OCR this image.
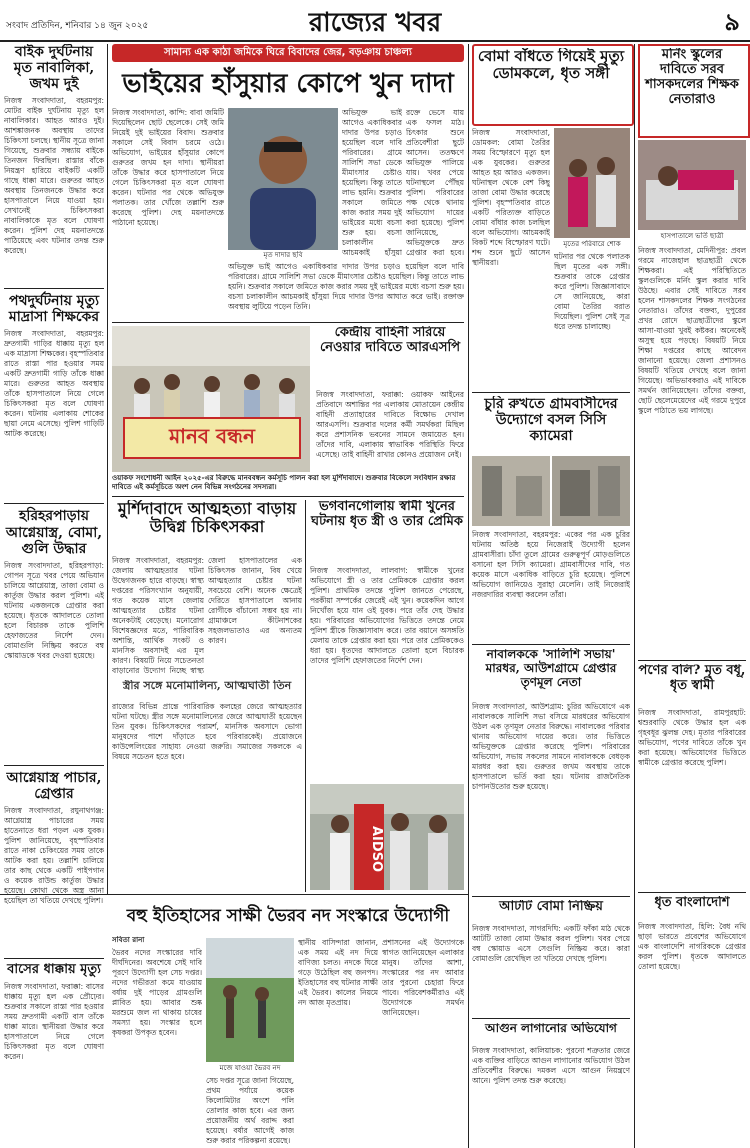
সংবাদ প্রতিদিন, শনিবার ১৪ জুন ২০২৫	রাজ্যের খবর	৯
বাইক দুর্ঘটনায় মৃত নাবালিকা, জখম দুই
নিজস্ব সংবাদদাতা, বহরমপুর: মোটর বাইক দুর্ঘটনায় মৃত্যু হল নাবালিকার। আহত আরও দুই। আশঙ্কাজনক অবস্থায় তাদের চিকিৎসা চলছে। স্থানীয় সূত্রে জানা গিয়েছে, শুক্রবার সন্ধ্যায় বাইকে তিনজন ফিরছিল। রাস্তার বাঁকে নিয়ন্ত্রণ হারিয়ে বাইকটি একটি গাছে ধাক্কা মারে। গুরুতর আহত অবস্থায় তিনজনকে উদ্ধার করে হাসপাতালে নিয়ে যাওয়া হয়। সেখানেই চিকিৎসকরা নাবালিকাকে মৃত বলে ঘোষণা করেন। পুলিশ দেহ ময়নাতদন্তে পাঠিয়েছে এবং ঘটনার তদন্ত শুরু করেছে।
পথদুর্ঘটনায় মৃত্যু মাদ্রাসা শিক্ষকের
নিজস্ব সংবাদদাতা, বহরমপুর: দ্রুতগামী গাড়ির ধাক্কায় মৃত্যু হল এক মাদ্রাসা শিক্ষকের। বৃহস্পতিবার রাতে রাস্তা পার হওয়ার সময় একটি দ্রুতগামী গাড়ি তাঁকে ধাক্কা মারে। গুরুতর আহত অবস্থায় তাঁকে হাসপাতালে নিয়ে গেলে চিকিৎসকরা মৃত বলে ঘোষণা করেন। ঘটনায় এলাকায় শোকের ছায়া নেমে এসেছে। পুলিশ গাড়িটি আটক করেছে।
হরিহরপাড়ায় আগ্নেয়াস্ত্র, বোমা, গুলি উদ্ধার
নিজস্ব সংবাদদাতা, হরিহরপাড়া: গোপন সূত্রে খবর পেয়ে অভিযান চালিয়ে আগ্নেয়াস্ত্র, তাজা বোমা ও কার্তুজ উদ্ধার করল পুলিশ। এই ঘটনায় একজনকে গ্রেপ্তার করা হয়েছে। ধৃতকে আদালতে তোলা হলে বিচারক তাকে পুলিশি হেফাজতের নির্দেশ দেন। বোমাগুলি নিষ্ক্রিয় করতে বম্ব স্কোয়াডকে খবর দেওয়া হয়েছে।
আগ্নেয়াস্ত্র পাচার, গ্রেপ্তার
নিজস্ব সংবাদদাতা, রঘুনাথগঞ্জ: আগ্নেয়াস্ত্র পাচারের সময় হাতেনাতে ধরা পড়ল এক যুবক। পুলিশ জানিয়েছে, বৃহস্পতিবার রাতে নাকা চেকিংয়ের সময় তাকে আটক করা হয়। তল্লাশি চালিয়ে তার কাছ থেকে একটি পাইপগান ও কয়েক রাউন্ড কার্তুজ উদ্ধার হয়েছে। কোথা থেকে অস্ত্র আনা হয়েছিল তা খতিয়ে দেখছে পুলিশ।
বাসের ধাক্কায় মৃত্যু
নিজস্ব সংবাদদাতা, ফরাক্কা: বাসের ধাক্কায় মৃত্যু হল এক প্রৌঢ়ের। শুক্রবার সকালে রাস্তা পার হওয়ার সময় দ্রুতগামী একটি বাস তাঁকে ধাক্কা মারে। স্থানীয়রা উদ্ধার করে হাসপাতালে নিয়ে গেলে চিকিৎসকরা মৃত বলে ঘোষণা করেন।
সামান্য এক কাঠা জমিকে ঘিরে বিবাদের জের, বড়ঞায় চাঞ্চল্য
ভাইয়ের হাঁসুয়ার কোপে খুন দাদা
নিজস্ব সংবাদদাতা, কান্দি: বাবা জমিটি দিয়েছিলেন ছোট ছেলেকে। সেই জমি নিয়েই দুই ভাইয়ের বিবাদ। শুক্রবার সকালে সেই বিবাদ চরমে ওঠে। অভিযোগ, ভাইয়ের হাঁসুয়ার কোপে গুরুতর জখম হন দাদা। স্থানীয়রা তাঁকে উদ্ধার করে হাসপাতালে নিয়ে গেলে চিকিৎসকরা মৃত বলে ঘোষণা করেন। ঘটনার পর থেকে অভিযুক্ত পলাতক। তার খোঁজে তল্লাশি শুরু করেছে পুলিশ। দেহ ময়নাতদন্তে পাঠানো হয়েছে।
মৃত দাদার ছবি
অভিযুক্ত ভাই আগেও একাধিকবার দাদার উপর চড়াও হয়েছিল বলে দাবি পরিবারের। গ্রামে সালিশি সভা ডেকে মীমাংসার চেষ্টাও হয়েছিল। কিন্তু তাতে লাভ হয়নি। শুক্রবার সকালে জমিতে কাজ করার সময় দুই ভাইয়ের মধ্যে বচসা শুরু হয়। বচসা চলাকালীন আচমকাই হাঁসুয়া
রক্তে ভেসে যায় এক ফসল মাঠ। চিৎকার শুনে প্রতিবেশীরা ছুটে আসেন। ততক্ষণে অভিযুক্ত পালিয়ে যায়। খবর পেয়ে ঘটনাস্থলে পৌঁছয় পুলিশ। পরিবারের পক্ষ থেকে থানায় অভিযোগ দায়ের করা হয়েছে। পুলিশ জানিয়েছে, অভিযুক্তকে দ্রুত গ্রেপ্তার করা হবে।
অভিযুক্ত ভাই আগেও একাধিকবার দাদার উপর চড়াও হয়েছিল বলে দাবি পরিবারের। গ্রামে সালিশি সভা ডেকে মীমাংসার চেষ্টাও হয়েছিল। কিন্তু তাতে লাভ হয়নি। শুক্রবার সকালে জমিতে কাজ করার সময় দুই ভাইয়ের মধ্যে বচসা শুরু হয়। বচসা চলাকালীন আচমকাই হাঁসুয়া দিয়ে দাদার উপর আঘাত করে ভাই। রক্তাক্ত অবস্থায় লুটিয়ে পড়েন তিনি।
মানব বন্ধন
কেন্দ্রীয় বাহিনী সরিয়ে নেওয়ার দাবিতে আরএসপি
নিজস্ব সংবাদদাতা, ফরাক্কা: ওয়াকফ আইনের প্রতিবাদে অশান্তির পর এলাকায় মোতায়েন কেন্দ্রীয় বাহিনী প্রত্যাহারের দাবিতে বিক্ষোভ দেখাল আরএসপি। শুক্রবার দলের কর্মী সমর্থকরা মিছিল করে প্রশাসনিক ভবনের সামনে জমায়েত হন। তাঁদের দাবি, এলাকায় স্বাভাবিক পরিস্থিতি ফিরে এসেছে। তাই বাহিনী রাখার কোনও প্রয়োজন নেই।
ওয়াকফ সংশোধনী আইন ২০২৫-এর বিরুদ্ধে মানববন্ধন কর্মসূচি পালন করা হল মুর্শিদাবাদে। শুক্রবার বিকেলে সংবিধান রক্ষার দাবিতে এই কর্মসূচিতে অংশ নেন বিভিন্ন সংগঠনের সদস্যরা।
মুর্শিদাবাদে আত্মহত্যা বাড়ায় উদ্বিগ্ন চিকিৎসকরা
নিজস্ব সংবাদদাতা, বহরমপুর: জেলায় আত্মহত্যার ঘটনা উদ্বেগজনক হারে বাড়ছে। স্বাস্থ্য দপ্তরের পরিসংখ্যান অনুযায়ী, গত কয়েক মাসে জেলায় আত্মহত্যার চেষ্টার ঘটনা অনেকটাই বেড়েছে। মনোরোগ বিশেষজ্ঞদের মতে, পারিবারিক অশান্তি, আর্থিক সংকট ও মানসিক অবসাদই এর মূল কারণ। বিষয়টি নিয়ে সচেতনতা বাড়ানোর উদ্যোগ নিচ্ছে স্বাস্থ্য
জেলা হাসপাতালের এক চিকিৎসক জানান, বিষ খেয়ে আত্মহত্যার চেষ্টার ঘটনা সবচেয়ে বেশি। অনেক ক্ষেত্রেই দেরিতে হাসপাতালে আনায় রোগীকে বাঁচানো সম্ভব হয় না। গ্রামাঞ্চলে কীটনাশকের সহজলভ্যতাও এর অন্যতম কারণ।
স্ত্রীর সঙ্গে মনোমালিন্য, আত্মঘাতী তিন
রাজ্যের বিভিন্ন প্রান্তে পারিবারিক কলহের জেরে আত্মহত্যার ঘটনা ঘটছে। স্ত্রীর সঙ্গে মনোমালিন্যের জেরে আত্মঘাতী হয়েছেন তিন যুবক। চিকিৎসকদের পরামর্শ, মানসিক অবসাদে ভোগা মানুষদের পাশে দাঁড়াতে হবে পরিবারকেই। প্রয়োজনে কাউন্সেলিংয়ের সাহায্য নেওয়া জরুরি। সমাজের সকলকে এ বিষয়ে সচেতন হতে হবে।
ভগবানগোলায় স্বামী খুনের ঘটনায় ধৃত স্ত্রী ও তার প্রেমিক
নিজস্ব সংবাদদাতা, লালবাগ: স্বামীকে খুনের অভিযোগে স্ত্রী ও তার প্রেমিককে গ্রেপ্তার করল পুলিশ। প্রাথমিক তদন্তে পুলিশ জানতে পেরেছে, পরকীয়া সম্পর্কের জেরেই এই খুন। কয়েকদিন আগে নিখোঁজ হয়ে যান ওই যুবক। পরে তাঁর দেহ উদ্ধার হয়। পরিবারের অভিযোগের ভিত্তিতে তদন্তে নেমে পুলিশ স্ত্রীকে জিজ্ঞাসাবাদ করে। তার বয়ানে অসঙ্গতি মেলায় তাকে গ্রেপ্তার করা হয়। পরে তার প্রেমিককেও ধরা হয়। ধৃতদের আদালতে তোলা হলে বিচারক তাদের পুলিশি হেফাজতের নির্দেশ দেন।
AIDSO
বহু ইতিহাসের সাক্ষী ভৈরব নদ সংস্কারে উদ্যোগী
সবিতা রানা
ভৈরব নদের সংস্কারের দাবি দীর্ঘদিনের। অবশেষে সেই দাবি পূরণে উদ্যোগী হল সেচ দপ্তর। নদের গভীরতা কমে যাওয়ায় বর্ষায় দুই পাড়ের গ্রামগুলি প্লাবিত হয়। আবার শুষ্ক মরশুমে জল না থাকায় চাষের সমস্যা হয়। সংস্কার হলে কৃষকরা উপকৃত হবেন।
মজে যাওয়া ভৈরব নদ
সেচ দপ্তর সূত্রে জানা গিয়েছে, প্রথম পর্যায়ে কয়েক কিলোমিটার অংশে পলি তোলার কাজ হবে। এর জন্য প্রয়োজনীয় অর্থ বরাদ্দ করা হয়েছে। বর্ষার আগেই কাজ শুরু করার পরিকল্পনা রয়েছে।
স্থানীয় বাসিন্দারা জানান, এক সময় এই নদ দিয়ে বাণিজ্য চলত। নদকে ঘিরে গড়ে উঠেছিল বহু জনপদ। ইতিহাসের বহু ঘটনার সাক্ষী এই ভৈরব। কালের নিয়মে নদ আজ মৃতপ্রায়।
প্রশাসনের এই উদ্যোগকে স্বাগত জানিয়েছেন এলাকার মানুষ। তাঁদের আশা, সংস্কারের পর নদ আবার তার পুরনো চেহারা ফিরে পাবে। পরিবেশকর্মীরাও এই উদ্যোগকে সমর্থন জানিয়েছেন।
বোমা বাঁধতে গিয়েই মৃত্যু ডোমকলে, ধৃত সঙ্গী
নিজস্ব সংবাদদাতা, ডোমকল: বোমা তৈরির সময় বিস্ফোরণে মৃত্যু হল এক যুবকের। গুরুতর আহত হয় আরও একজন। ঘটনাস্থল থেকে বেশ কিছু তাজা বোমা উদ্ধার করেছে পুলিশ। বৃহস্পতিবার রাতে একটি পরিত্যক্ত বাড়িতে বোমা বাঁধার কাজ চলছিল বলে অভিযোগ। আচমকাই বিকট শব্দে বিস্ফোরণ ঘটে। শব্দ শুনে ছুটে আসেন স্থানীয়রা।
মৃতের পরিবারে শোক
ঘটনার পর থেকে পলাতক ছিল মৃতের এক সঙ্গী। শুক্রবার তাকে গ্রেপ্তার করে পুলিশ। জিজ্ঞাসাবাদে সে জানিয়েছে, কারা বোমা তৈরির বরাত দিয়েছিল। পুলিশ সেই সূত্র ধরে তদন্ত চালাচ্ছে।
চুরি রুখতে গ্রামবাসীদের উদ্যোগে বসল সিসি ক্যামেরা
নিজস্ব সংবাদদাতা, বহরমপুর: একের পর এক চুরির ঘটনায় অতিষ্ঠ হয়ে নিজেরাই উদ্যোগী হলেন গ্রামবাসীরা। চাঁদা তুলে গ্রামের গুরুত্বপূর্ণ মোড়গুলিতে বসানো হল সিসি ক্যামেরা। গ্রামবাসীদের দাবি, গত কয়েক মাসে একাধিক বাড়িতে চুরি হয়েছে। পুলিশে অভিযোগ জানিয়েও সুরাহা মেলেনি। তাই নিজেরাই নজরদারির ব্যবস্থা করলেন তাঁরা।
নাবালককে 'সালিশি সভায়' মারধর, আউশগ্রামে গ্রেপ্তার তৃণমূল নেতা
নিজস্ব সংবাদদাতা, আউশগ্রাম: চুরির অভিযোগে এক নাবালককে সালিশি সভা বসিয়ে মারধরের অভিযোগ উঠল এক তৃণমূল নেতার বিরুদ্ধে। নাবালকের পরিবার থানায় অভিযোগ দায়ের করে। তার ভিত্তিতে অভিযুক্তকে গ্রেপ্তার করেছে পুলিশ। পরিবারের অভিযোগ, সভায় সকলের সামনে নাবালককে বেধড়ক মারধর করা হয়। গুরুতর জখম অবস্থায় তাকে হাসপাতালে ভর্তি করা হয়। ঘটনায় রাজনৈতিক চাপানউতোর শুরু হয়েছে।
আটটি বোমা নিষ্ক্রিয়
নিজস্ব সংবাদদাতা, সাগরদিঘি: একটি ফাঁকা মাঠ থেকে আটটি তাজা বোমা উদ্ধার করল পুলিশ। খবর পেয়ে বম্ব স্কোয়াড এসে সেগুলি নিষ্ক্রিয় করে। কারা বোমাগুলি রেখেছিল তা খতিয়ে দেখছে পুলিশ।
আগুন লাগানোর অভিযোগ
নিজস্ব সংবাদদাতা, কালিয়াচক: পুরনো শত্রুতার জেরে এক ব্যক্তির বাড়িতে আগুন লাগানোর অভিযোগ উঠল প্রতিবেশীর বিরুদ্ধে। দমকল এসে আগুন নিয়ন্ত্রণে আনে। পুলিশ তদন্ত শুরু করেছে।
মর্নিং স্কুলের দাবিতে সরব শাসকদলের শিক্ষক নেতারাও
হাসপাতালে ভর্তি ছাত্রী
নিজস্ব সংবাদদাতা, মেদিনীপুর: প্রবল গরমে নাজেহাল ছাত্রছাত্রী থেকে শিক্ষকরা। এই পরিস্থিতিতে স্কুলগুলিকে মর্নিং স্কুল করার দাবি উঠছে। এবার সেই দাবিতে সরব হলেন শাসকদলের শিক্ষক সংগঠনের নেতারাও। তাঁদের বক্তব্য, দুপুরের প্রখর রোদে ছাত্রছাত্রীদের স্কুলে আসা-যাওয়া খুবই কষ্টকর। অনেকেই অসুস্থ হয়ে পড়ছে। বিষয়টি নিয়ে শিক্ষা দপ্তরের কাছে আবেদন জানানো হয়েছে। জেলা প্রশাসনও বিষয়টি খতিয়ে দেখছে বলে জানা গিয়েছে। অভিভাবকরাও এই দাবিকে সমর্থন জানিয়েছেন। তাঁদের বক্তব্য, ছোট ছেলেমেয়েদের এই গরমে দুপুরে স্কুলে পাঠাতে ভয় লাগছে।
পণের বলি? মৃত বধূ, ধৃত স্বামী
নিজস্ব সংবাদদাতা, রামপুরহাট: শ্বশুরবাড়ি থেকে উদ্ধার হল এক গৃহবধূর ঝুলন্ত দেহ। মৃতার পরিবারের অভিযোগ, পণের দাবিতে তাঁকে খুন করা হয়েছে। অভিযোগের ভিত্তিতে স্বামীকে গ্রেপ্তার করেছে পুলিশ।
ধৃত বাংলাদেশি
নিজস্ব সংবাদদাতা, হিলি: বৈধ নথি ছাড়া ভারতে প্রবেশের অভিযোগে এক বাংলাদেশি নাগরিককে গ্রেপ্তার করল পুলিশ। ধৃতকে আদালতে তোলা হয়েছে।
